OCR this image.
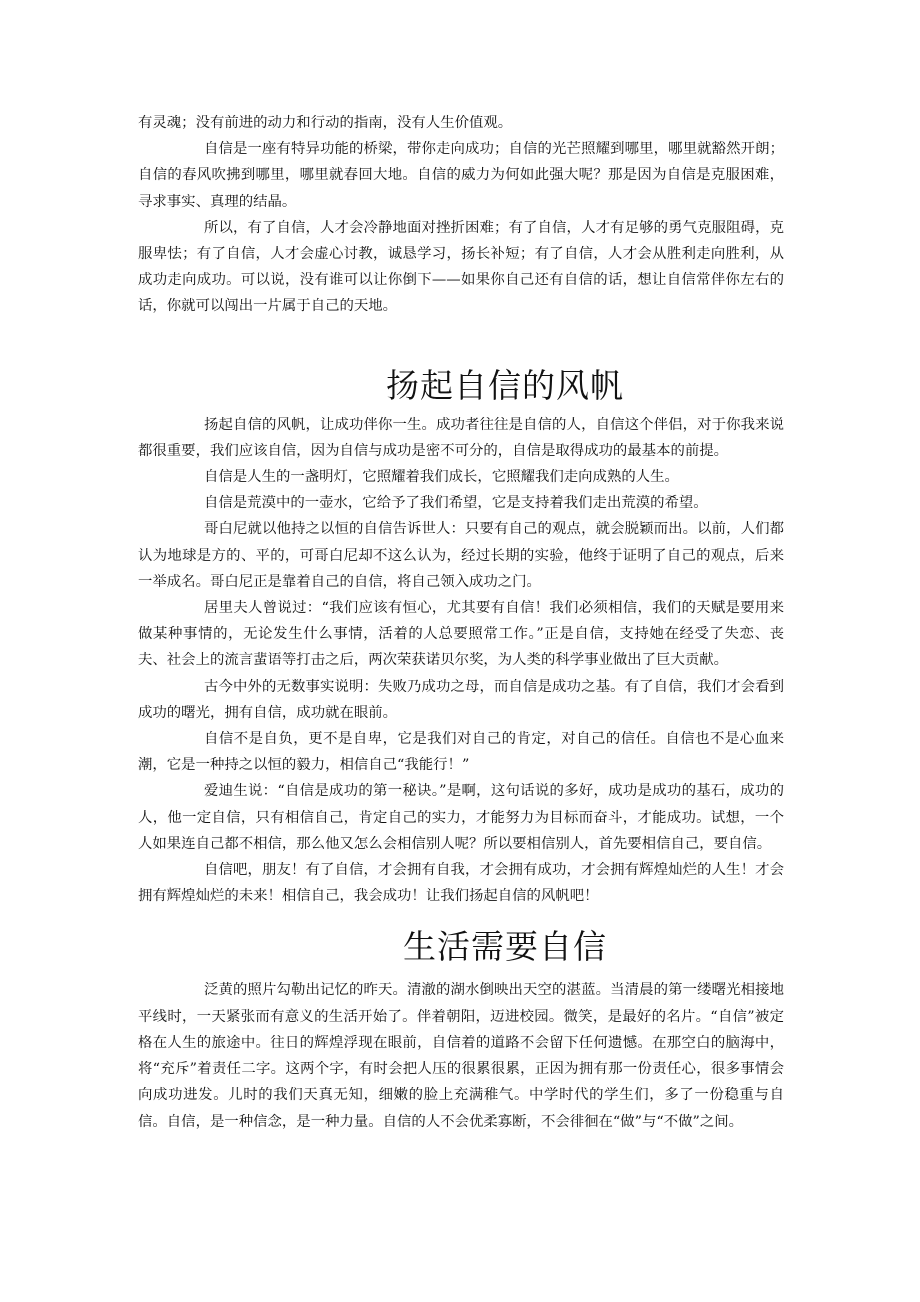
有灵魂；没有前进的动力和行动的指南，没有人生价值观。

自信是一座有特异功能的桥梁，带你走向成功；自信的光芒照耀到哪里，哪里就豁然开朗；自信的春风吹拂到哪里，哪里就春回大地。自信的威力为何如此强大呢？那是因为自信是克服困难，寻求事实、真理的结晶。

所以，有了自信，人才会冷静地面对挫折困难；有了自信，人才有足够的勇气克服阻碍，克服卑怯；有了自信，人才会虚心讨教，诚恳学习，扬长补短；有了自信，人才会从胜利走向胜利，从成功走向成功。可以说，没有谁可以让你倒下——如果你自己还有自信的话，想让自信常伴你左右的话，你就可以闯出一片属于自己的天地。

扬起自信的风帆

扬起自信的风帆，让成功伴你一生。成功者往往是自信的人，自信这个伴侣，对于你我来说都很重要，我们应该自信，因为自信与成功是密不可分的，自信是取得成功的最基本的前提。

自信是人生的一盏明灯，它照耀着我们成长，它照耀我们走向成熟的人生。

自信是荒漠中的一壶水，它给予了我们希望，它是支持着我们走出荒漠的希望。

哥白尼就以他持之以恒的自信告诉世人：只要有自己的观点，就会脱颖而出。以前，人们都认为地球是方的、平的，可哥白尼却不这么认为，经过长期的实验，他终于证明了自己的观点，后来一举成名。哥白尼正是靠着自己的自信，将自己领入成功之门。

居里夫人曾说过：“我们应该有恒心，尤其要有自信！我们必须相信，我们的天赋是要用来做某种事情的，无论发生什么事情，活着的人总要照常工作。”正是自信，支持她在经受了失恋、丧夫、社会上的流言蜚语等打击之后，两次荣获诺贝尔奖，为人类的科学事业做出了巨大贡献。

古今中外的无数事实说明：失败乃成功之母，而自信是成功之基。有了自信，我们才会看到成功的曙光，拥有自信，成功就在眼前。

自信不是自负，更不是自卑，它是我们对自己的肯定，对自己的信任。自信也不是心血来潮，它是一种持之以恒的毅力，相信自己“我能行！”

爱迪生说：“自信是成功的第一秘诀。”是啊，这句话说的多好，成功是成功的基石，成功的人，他一定自信，只有相信自己，肯定自己的实力，才能努力为目标而奋斗，才能成功。试想，一个人如果连自己都不相信，那么他又怎么会相信别人呢？所以要相信别人，首先要相信自己，要自信。

自信吧，朋友！有了自信，才会拥有自我，才会拥有成功，才会拥有辉煌灿烂的人生！才会拥有辉煌灿烂的未来！相信自己，我会成功！让我们扬起自信的风帆吧！

生活需要自信

泛黄的照片勾勒出记忆的昨天。清澈的湖水倒映出天空的湛蓝。当清晨的第一缕曙光相接地平线时，一天紧张而有意义的生活开始了。伴着朝阳，迈进校园。微笑，是最好的名片。“自信”被定格在人生的旅途中。往日的辉煌浮现在眼前，自信着的道路不会留下任何遗憾。在那空白的脑海中，将“充斥”着责任二字。这两个字，有时会把人压的很累很累，正因为拥有那一份责任心，很多事情会向成功进发。儿时的我们天真无知，细嫩的脸上充满稚气。中学时代的学生们，多了一份稳重与自信。自信，是一种信念，是一种力量。自信的人不会优柔寡断，不会徘徊在“做”与“不做”之间。
